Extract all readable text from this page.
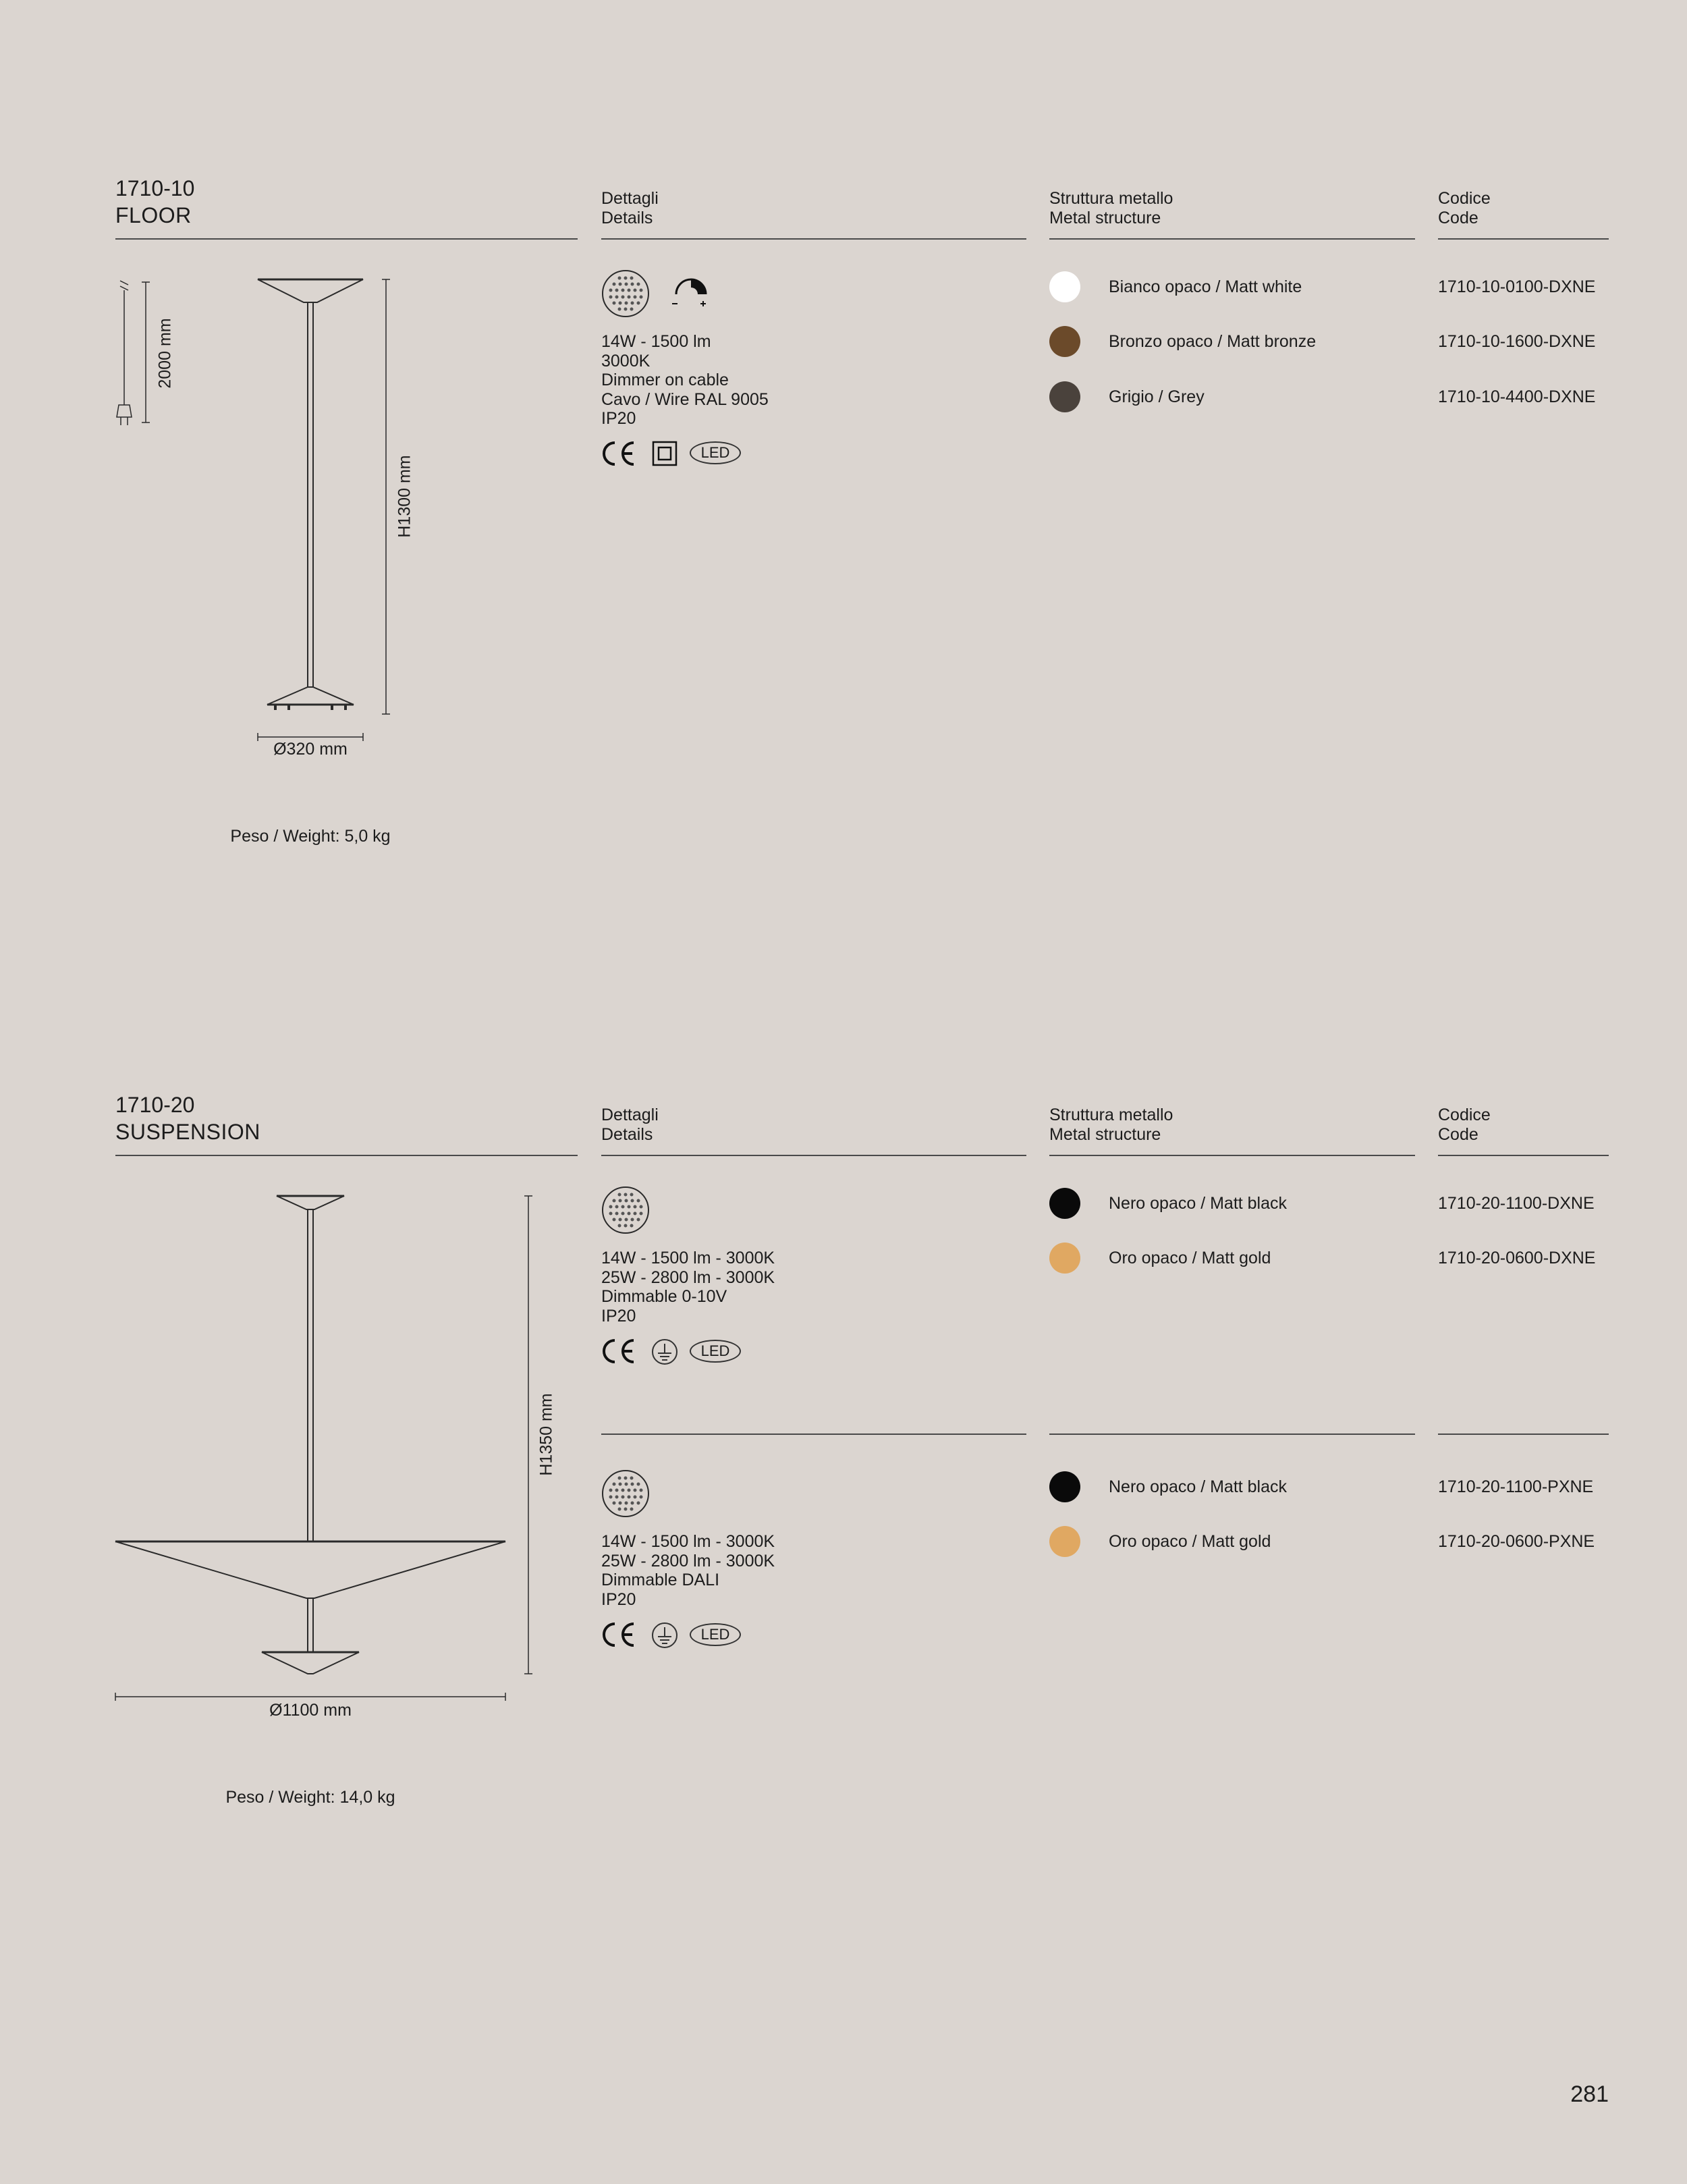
1710-10
FLOOR
Dettagli
Details
Struttura metallo
Metal structure
Codice
Code
2000 mm
H1300 mm
Ø320 mm
Peso / Weight: 5,0 kg
14W - 1500 lm
3000K
Dimmer on cable
Cavo / Wire RAL 9005
IP20
LED
Bianco opaco / Matt white	1710-10-0100-DXNE
Bronzo opaco / Matt bronze	1710-10-1600-DXNE
Grigio / Grey	1710-10-4400-DXNE
1710-20
SUSPENSION
Dettagli
Details
Struttura metallo
Metal structure
Codice
Code
H1350 mm
Ø1100 mm
Peso / Weight: 14,0 kg
14W - 1500 lm - 3000K
25W - 2800 lm - 3000K
Dimmable 0-10V
IP20
LED
Nero opaco / Matt black	1710-20-1100-DXNE
Oro opaco / Matt gold	1710-20-0600-DXNE
14W - 1500 lm - 3000K
25W - 2800 lm - 3000K
Dimmable DALI
IP20
LED
Nero opaco / Matt black	1710-20-1100-PXNE
Oro opaco / Matt gold	1710-20-0600-PXNE
281
